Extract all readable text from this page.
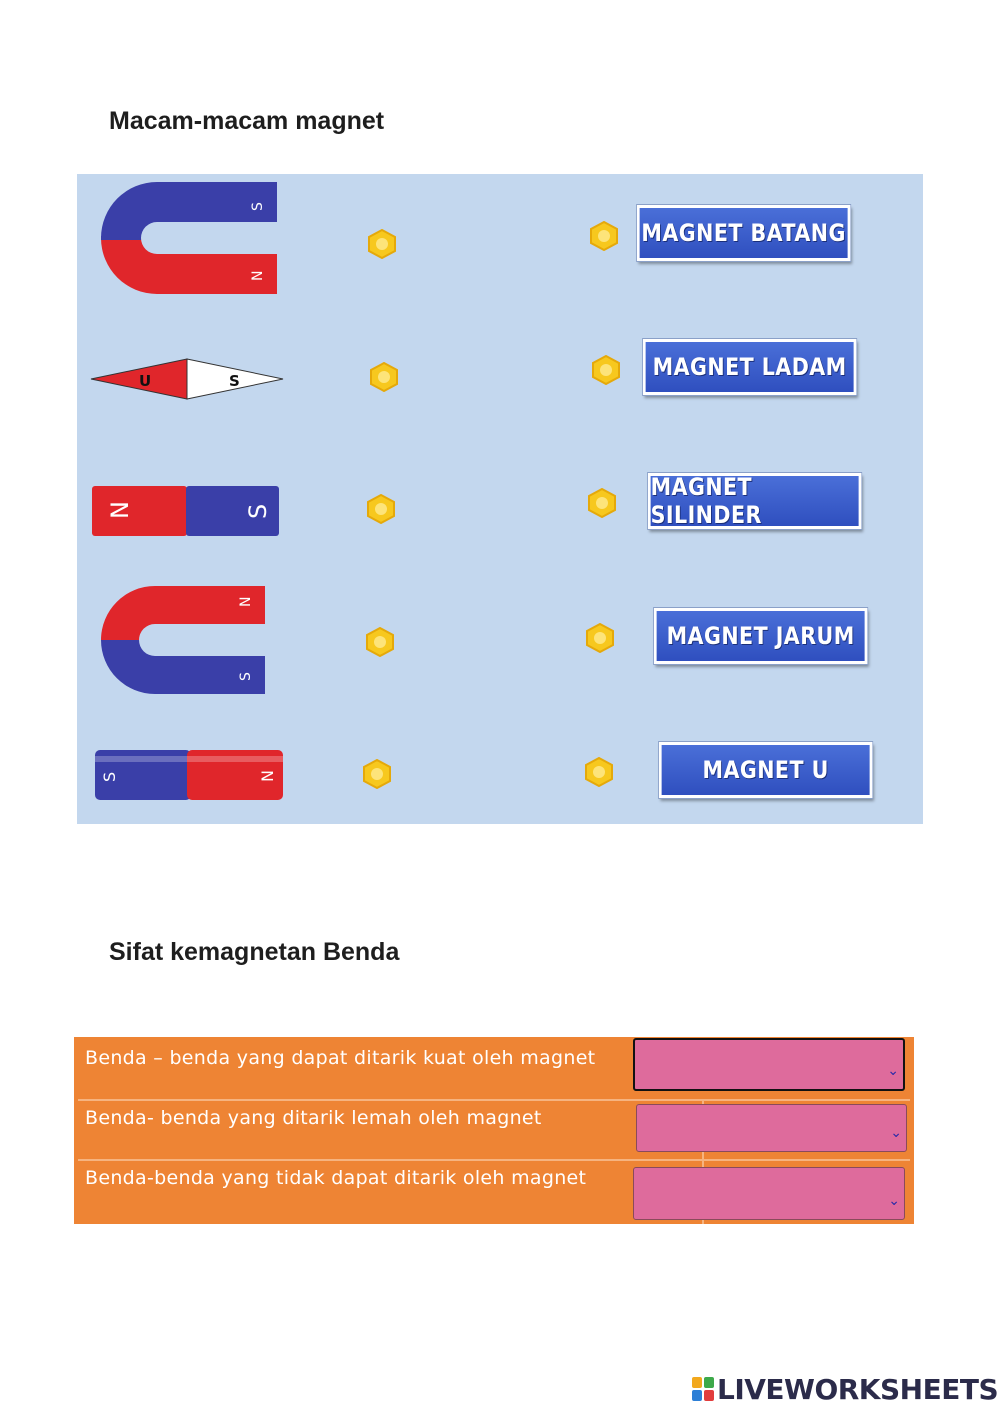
Macam-macam magnet
S
N
U	S
N	S
N
S
S	N
MAGNET BATANG
MAGNET LADAM
MAGNET SILINDER
MAGNET JARUM
MAGNET U
Sifat kemagnetan Benda
Benda – benda yang dapat ditarik kuat oleh magnet
⌄
Benda- benda yang ditarik lemah oleh magnet
⌄
Benda-benda yang tidak dapat ditarik oleh magnet
⌄
LIVEWORKSHEETS
